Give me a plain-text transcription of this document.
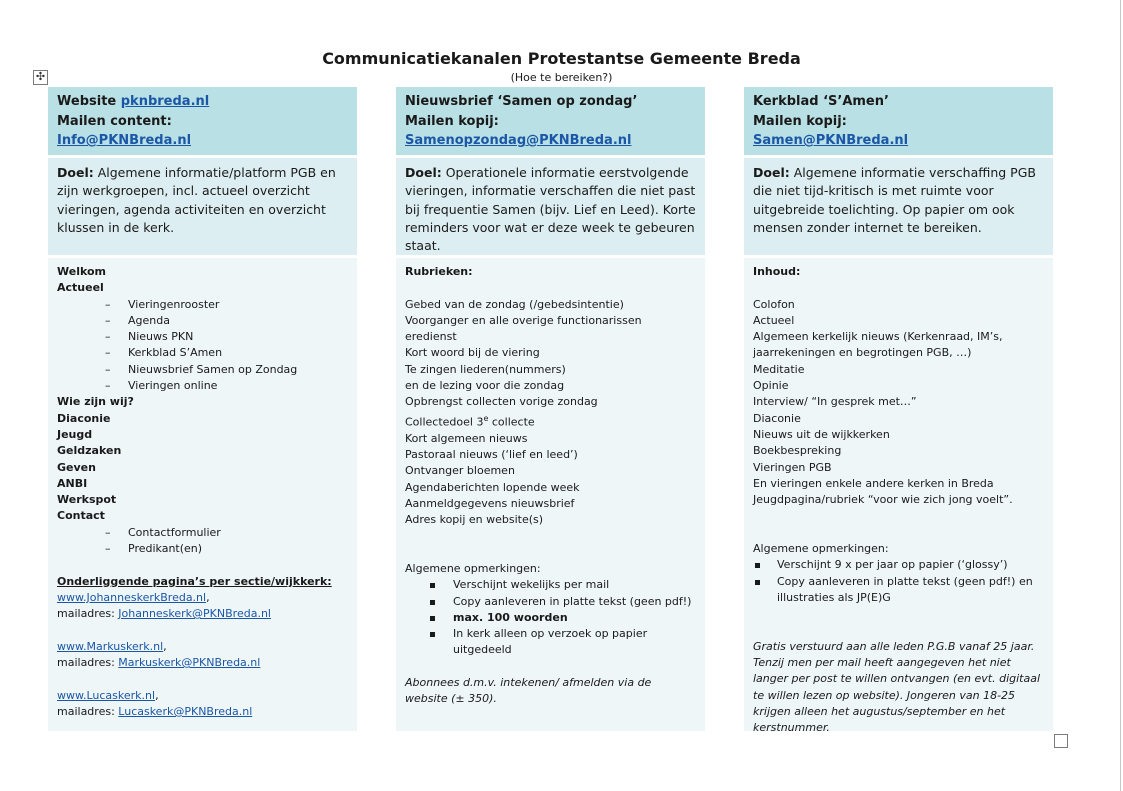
Communicatiekanalen Protestantse Gemeente Breda
(Hoe te bereiken?)
✣
Website pknbreda.nl
Mailen content:
Info@PKNBreda.nl
Doel: Algemene informatie/platform PGB en zijn werkgroepen, incl. actueel overzicht vieringen, agenda activiteiten en overzicht klussen in de kerk.

Welkom

Actueel

– Vieringenrooster

– Agenda

– Nieuws PKN

– Kerkblad S’Amen

– Nieuwsbrief Samen op Zondag

– Vieringen online

Wie zijn wij?

Diaconie

Jeugd

Geldzaken

Geven

ANBI

Werkspot

Contact

– Contactformulier

– Predikant(en)

Onderliggende pagina’s per sectie/wijkkerk:

www.JohanneskerkBreda.nl,

mailadres: Johanneskerk@PKNBreda.nl

www.Markuskerk.nl,

mailadres: Markuskerk@PKNBreda.nl

www.Lucaskerk.nl,

mailadres: Lucaskerk@PKNBreda.nl

Nieuwsbrief ‘Samen op zondag’
Mailen kopij:
Samenopzondag@PKNBreda.nl
Doel: Operationele informatie eerstvolgende vieringen, informatie verschaffen die niet past bij frequentie Samen (bijv. Lief en Leed). Korte reminders voor wat er deze week te gebeuren staat.

Rubrieken:

Gebed van de zondag (/gebedsintentie)

Voorganger en alle overige functionarissen eredienst

Kort woord bij de viering

Te zingen liederen(nummers)

en de lezing voor die zondag

Opbrengst collecten vorige zondag

Collectedoel 3e collecte

Kort algemeen nieuws

Pastoraal nieuws (‘lief en leed’)

Ontvanger bloemen

Agendaberichten lopende week

Aanmeldgegevens nieuwsbrief

Adres kopij en website(s)

Algemene opmerkingen:

Verschijnt wekelijks per mail

Copy aanleveren in platte tekst (geen pdf!)

max. 100 woorden

In kerk alleen op verzoek op papier uitgedeeld

Abonnees d.m.v. intekenen/ afmelden via de website (± 350).

Kerkblad ‘S’Amen’
Mailen kopij:
Samen@PKNBreda.nl
Doel: Algemene informatie verschaffing PGB die niet tijd-kritisch is met ruimte voor uitgebreide toelichting. Op papier om ook mensen zonder internet te bereiken.

Inhoud:

Colofon

Actueel

Algemeen kerkelijk nieuws (Kerkenraad, IM’s, jaarrekeningen en begrotingen PGB, …)

Meditatie

Opinie

Interview/ “In gesprek met…”

Diaconie

Nieuws uit de wijkkerken

Boekbespreking

Vieringen PGB

En vieringen enkele andere kerken in Breda

Jeugdpagina/rubriek “voor wie zich jong voelt”.

Algemene opmerkingen:

Verschijnt 9 x per jaar op papier (‘glossy’)

Copy aanleveren in platte tekst (geen pdf!) en illustraties als JP(E)G

Gratis verstuurd aan alle leden P.G.B vanaf 25 jaar. Tenzij men per mail heeft aangegeven het niet langer per post te willen ontvangen (en evt. digitaal te willen lezen op website). Jongeren van 18-25 krijgen alleen het augustus/september en het kerstnummer.
